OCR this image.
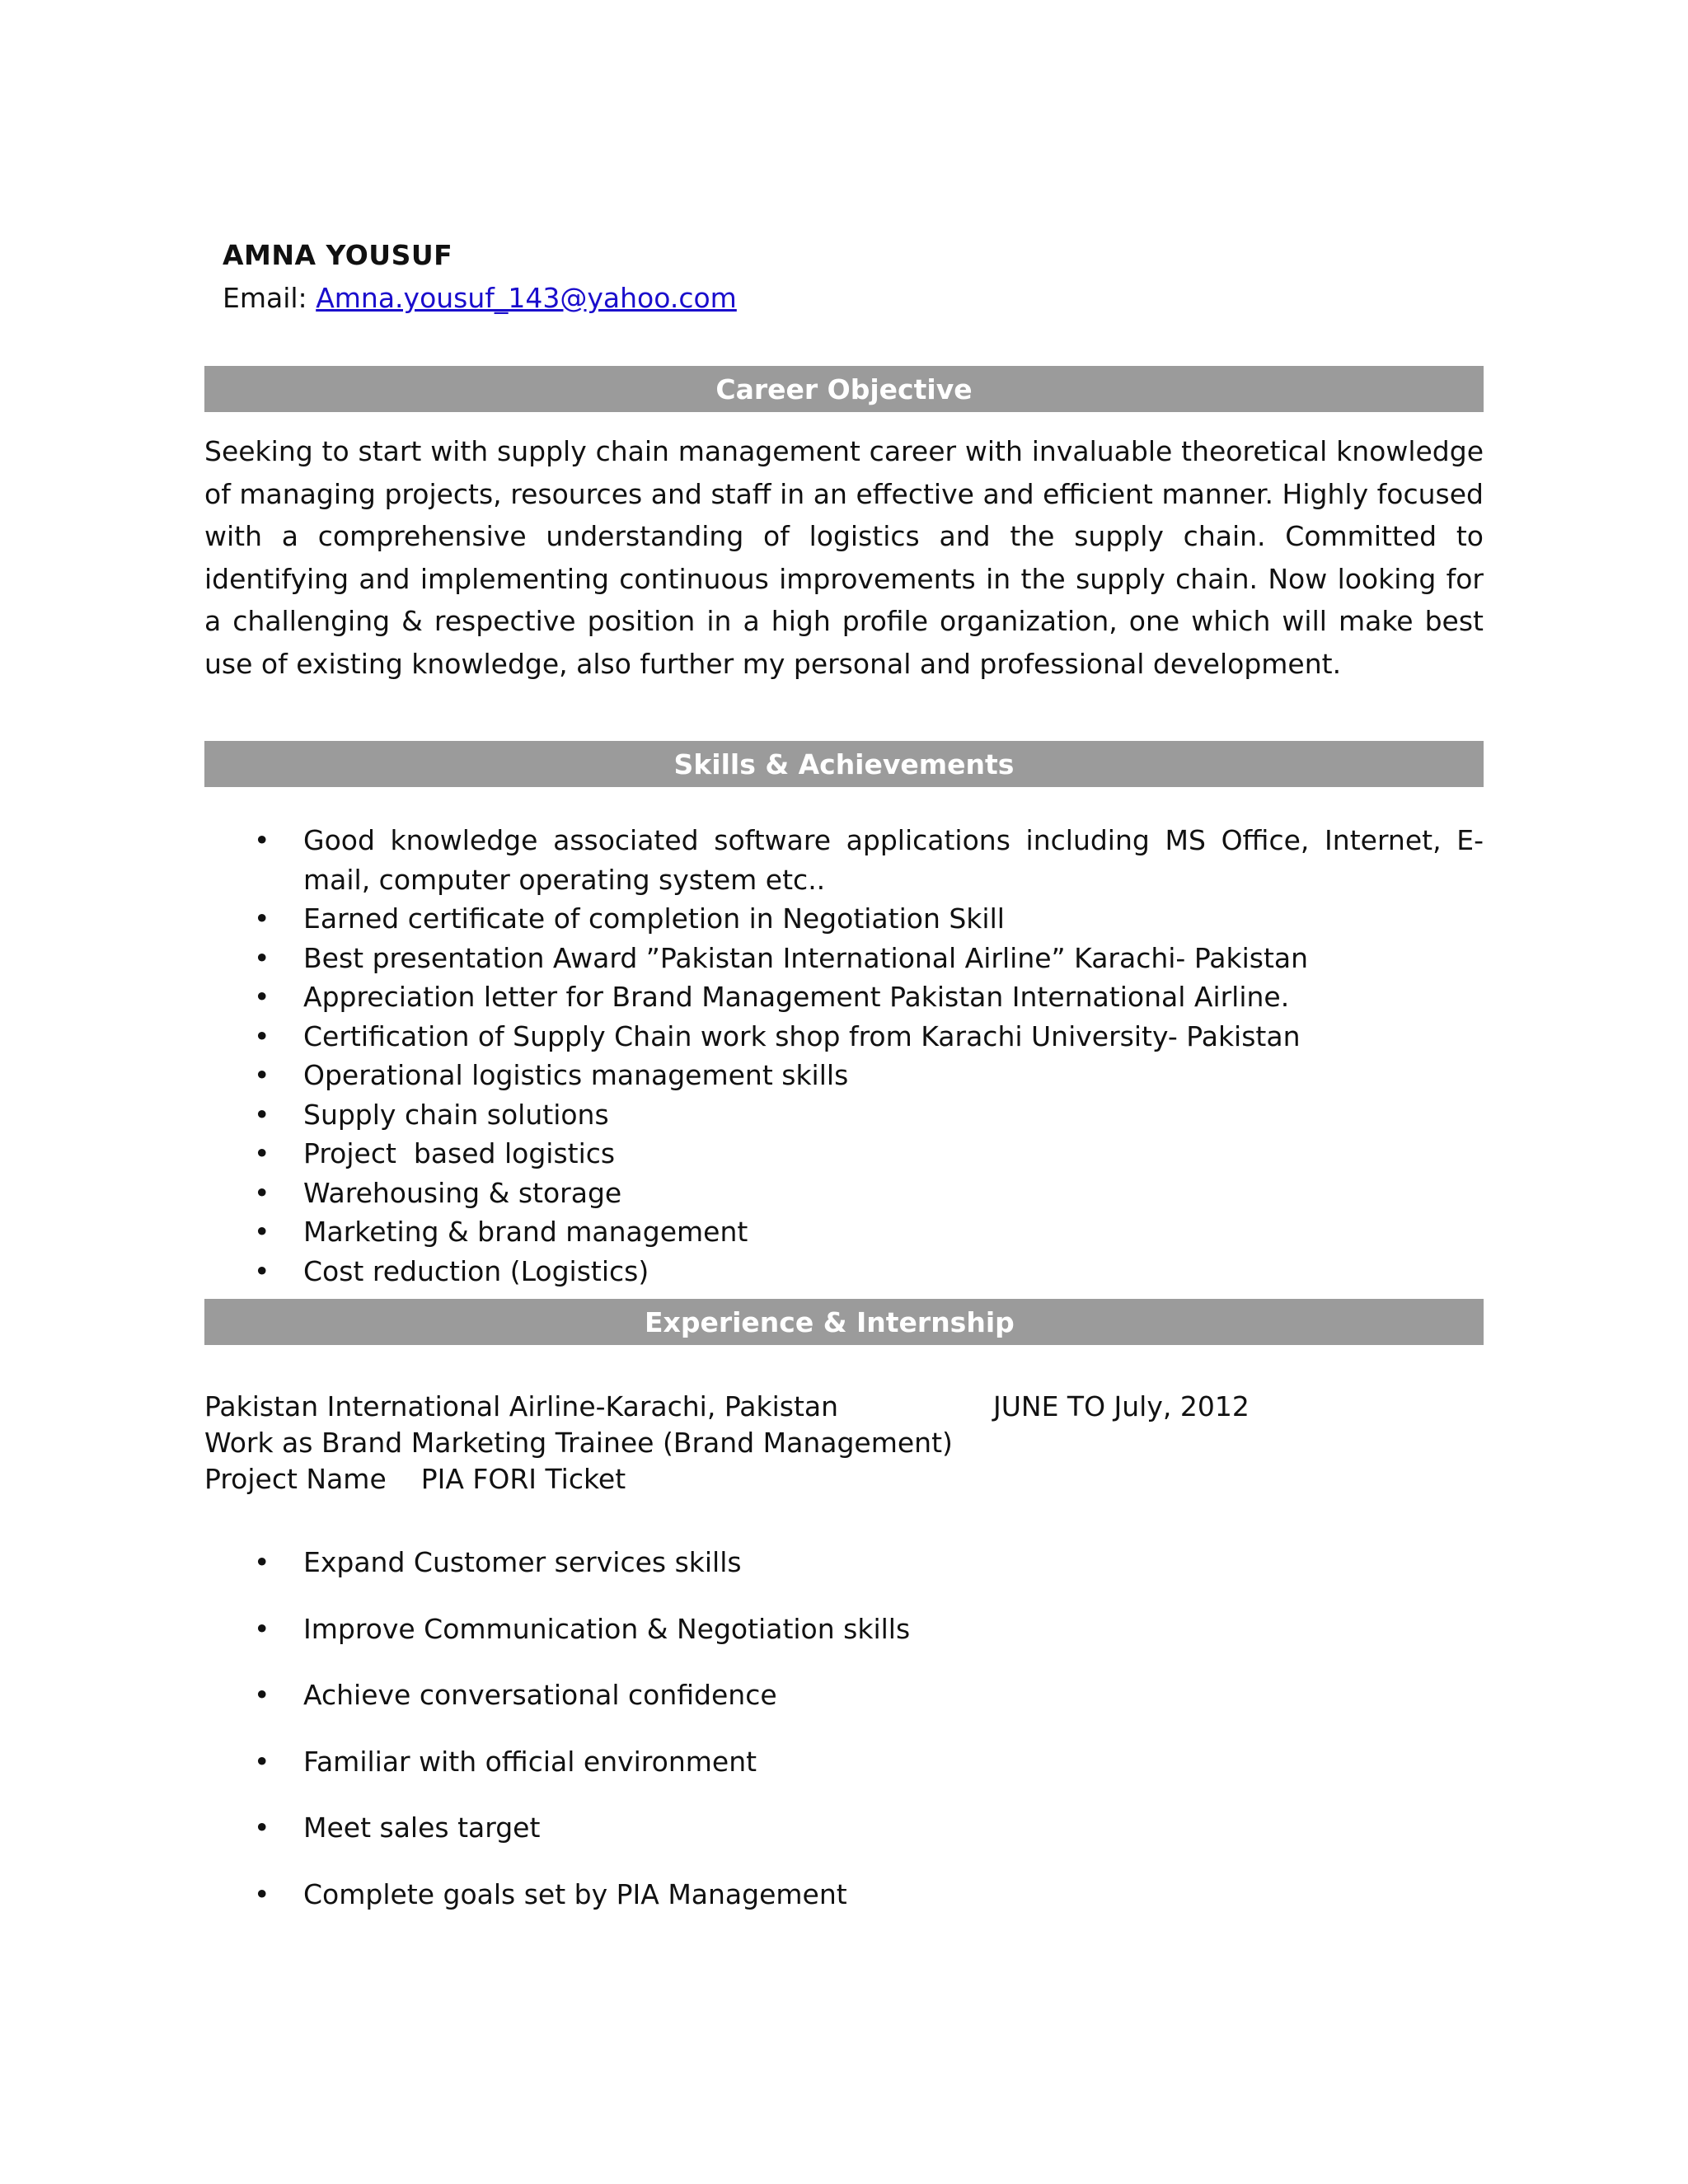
AMNA YOUSUF
Email: Amna.yousuf_143@yahoo.com
Career Objective

Seeking to start with supply chain management career with invaluable theoretical knowledge of managing projects, resources and staff in an effective and efficient manner. Highly focused with a comprehensive understanding of logistics and the supply chain. Committed to identifying and implementing continuous improvements in the supply chain. Now looking for a challenging & respective position in a high profile organization, one which will make best use of existing knowledge, also further my personal and professional development.

Skills & Achievements
• Good knowledge associated software applications including MS Office, Internet, E-mail, computer operating system etc..
• Earned certificate of completion in Negotiation Skill
• Best presentation Award ”Pakistan International Airline” Karachi- Pakistan
• Appreciation letter for Brand Management Pakistan International Airline.
• Certification of Supply Chain work shop from Karachi University- Pakistan
• Operational logistics management skills
• Supply chain solutions
• Project  based logistics
• Warehousing & storage
• Marketing & brand management
• Cost reduction (Logistics)
Experience & Internship
Pakistan International Airline-Karachi, Pakistan	JUNE TO July, 2012
Work as Brand Marketing Trainee (Brand Management)
Project Name    PIA FORI Ticket
• Expand Customer services skills
• Improve Communication & Negotiation skills
• Achieve conversational confidence
• Familiar with official environment
• Meet sales target
• Complete goals set by PIA Management
